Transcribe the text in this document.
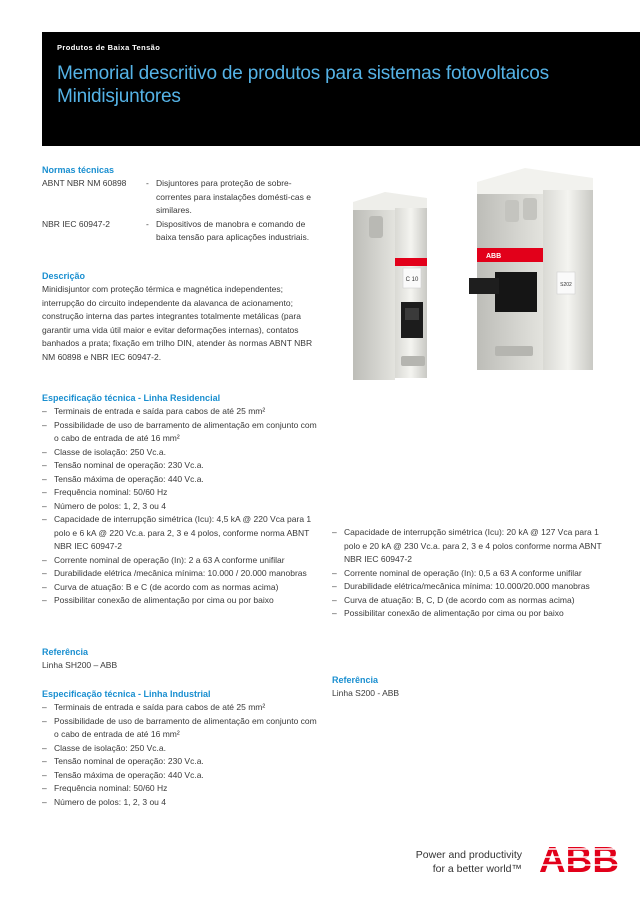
Produtos de Baixa Tensão
Memorial descritivo de produtos para sistemas fotovoltaicos
Minidisjuntores
Normas técnicas
ABNT NBR NM 60898	- Disjuntores para proteção de sobre-correntes para instalações domésti-cas e similares.
NBR IEC 60947-2	- Dispositivos de manobra e comando de baixa tensão para aplicações industriais.
Descrição
Minidisjuntor com proteção térmica e magnética independentes; interrupção do circuito independente da alavanca de acionamento; construção interna das partes integrantes totalmente metálicas (para garantir uma vida útil maior e evitar deformações internas), contatos banhados a prata; fixação em trilho DIN, atender às normas ABNT NBR NM 60898 e NBR IEC 60947-2.
Especificação técnica - Linha Residencial
– Terminais de entrada e saída para cabos de até 25 mm²
– Possibilidade de uso de barramento de alimentação em conjunto com o cabo de entrada de até 16 mm²
– Classe de isolação: 250 Vc.a.
– Tensão nominal de operação: 230 Vc.a.
– Tensão máxima de operação: 440 Vc.a.
– Frequência nominal: 50/60 Hz
– Número de polos: 1, 2, 3 ou 4
– Capacidade de interrupção simétrica (Icu): 4,5 kA @ 220 Vca para 1 polo e 6 kA @ 220 Vc.a. para 2, 3 e 4 polos, conforme norma ABNT NBR IEC 60947-2
– Corrente nominal de operação (In): 2 a 63 A conforme unifilar
– Durabilidade elétrica /mecânica mínima: 10.000 / 20.000 manobras
– Curva de atuação: B e C (de acordo com as normas acima)
– Possibilitar conexão de alimentação por cima ou por baixo
Referência
Linha SH200 – ABB
Especificação técnica - Linha Industrial
– Terminais de entrada e saída para cabos de até 25 mm²
– Possibilidade de uso de barramento de alimentação em conjunto com o cabo de entrada de até 16 mm²
– Classe de isolação: 250 Vc.a.
– Tensão nominal de operação: 230 Vc.a.
– Tensão máxima de operação: 440 Vc.a.
– Frequência nominal: 50/60 Hz
– Número de polos: 1, 2, 3 ou 4
– Capacidade de interrupção simétrica (Icu): 20 kA @ 127 Vca para 1 polo e 20 kA @ 230 Vc.a. para 2, 3 e 4 polos conforme norma ABNT NBR IEC 60947-2
– Corrente nominal de operação (In): 0,5 a 63 A conforme unifilar
– Durabilidade elétrica/mecânica mínima: 10.000/20.000 manobras
– Curva de atuação: B, C, D (de acordo com as normas acima)
– Possibilitar conexão de alimentação por cima ou por baixo
Referência
Linha S200 - ABB
C 10
ABB
S202
Power and productivity
for a better world™ ABB
